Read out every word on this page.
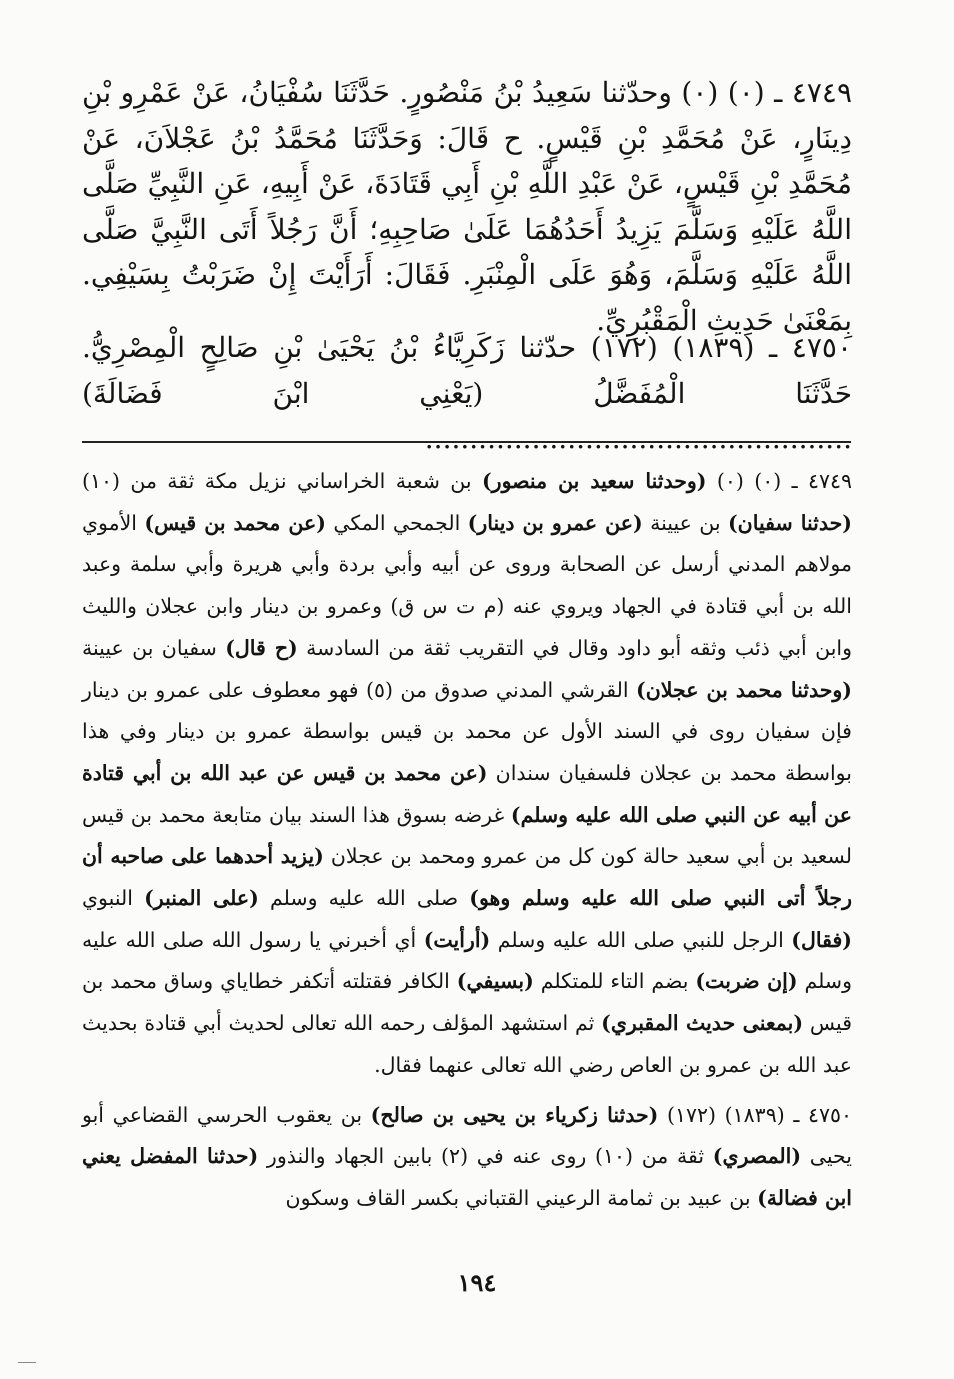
٤٧٤٩ ـ (٠) (٠) وحدّثنا سَعِيدُ بْنُ مَنْصُورٍ. حَدَّثَنَا سُفْيَانُ، عَنْ عَمْرِو بْنِ دِينَارٍ، عَنْ مُحَمَّدِ بْنِ قَيْسٍ. ح قَالَ: وَحَدَّثَنَا مُحَمَّدُ بْنُ عَجْلاَنَ، عَنْ مُحَمَّدِ بْنِ قَيْسٍ، عَنْ عَبْدِ اللَّهِ بْنِ أَبِي قَتَادَةَ، عَنْ أَبِيهِ، عَنِ النَّبِيِّ صَلَّى اللَّهُ عَلَيْهِ وَسَلَّمَ يَزِيدُ أَحَدُهُمَا عَلَىٰ صَاحِبِهِ؛ أَنَّ رَجُلاً أَتَى النَّبِيَّ صَلَّى اللَّهُ عَلَيْهِ وَسَلَّمَ، وَهُوَ عَلَى الْمِنْبَرِ. فَقَالَ: أَرَأَيْتَ إِنْ ضَرَبْتُ بِسَيْفِي. بِمَعْنَىٰ حَدِيثِ الْمَقْبُرِيِّ.

٤٧٥٠ ـ (١٨٣٩) (١٧٢) حدّثنا زَكَرِيَّاءُ بْنُ يَحْيَىٰ بْنِ صَالِحٍ الْمِصْرِيُّ. حَدَّثَنَا الْمُفَضَّلُ (يَعْنِي ابْنَ فَضَالَةَ) ................................................

٤٧٤٩ ـ (٠) (٠) (وحدثنا سعيد بن منصور) بن شعبة الخراساني نزيل مكة ثقة من (١٠) (حدثنا سفيان) بن عيينة (عن عمرو بن دينار) الجمحي المكي (عن محمد بن قيس) الأموي مولاهم المدني أرسل عن الصحابة وروى عن أبيه وأبي بردة وأبي هريرة وأبي سلمة وعبد الله بن أبي قتادة في الجهاد ويروي عنه (م ت س ق) وعمرو بن دينار وابن عجلان والليث وابن أبي ذئب وثقه أبو داود وقال في التقريب ثقة من السادسة (ح قال) سفيان بن عيينة (وحدثنا محمد بن عجلان) القرشي المدني صدوق من (٥) فهو معطوف على عمرو بن دينار فإن سفيان روى في السند الأول عن محمد بن قيس بواسطة عمرو بن دينار وفي هذا بواسطة محمد بن عجلان فلسفيان سندان (عن محمد بن قيس عن عبد الله بن أبي قتادة عن أبيه عن النبي صلى الله عليه وسلم) غرضه بسوق هذا السند بيان متابعة محمد بن قيس لسعيد بن أبي سعيد حالة كون كل من عمرو ومحمد بن عجلان (يزيد أحدهما على صاحبه أن رجلاً أتى النبي صلى الله عليه وسلم وهو) صلى الله عليه وسلم (على المنبر) النبوي (فقال) الرجل للنبي صلى الله عليه وسلم (أرأيت) أي أخبرني يا رسول الله صلى الله عليه وسلم (إن ضربت) بضم التاء للمتكلم (بسيفي) الكافر فقتلته أتكفر خطاياي وساق محمد بن قيس (بمعنى حديث المقبري) ثم استشهد المؤلف رحمه الله تعالى لحديث أبي قتادة بحديث عبد الله بن عمرو بن العاص رضي الله تعالى عنهما فقال.

٤٧٥٠ ـ (١٨٣٩) (١٧٢) (حدثنا زكرياء بن يحيى بن صالح) بن يعقوب الحرسي القضاعي أبو يحيى (المصري) ثقة من (١٠) روى عنه في (٢) بابين الجهاد والنذور (حدثنا المفضل يعني ابن فضالة) بن عبيد بن ثمامة الرعيني القتباني بكسر القاف وسكون

١٩٤
